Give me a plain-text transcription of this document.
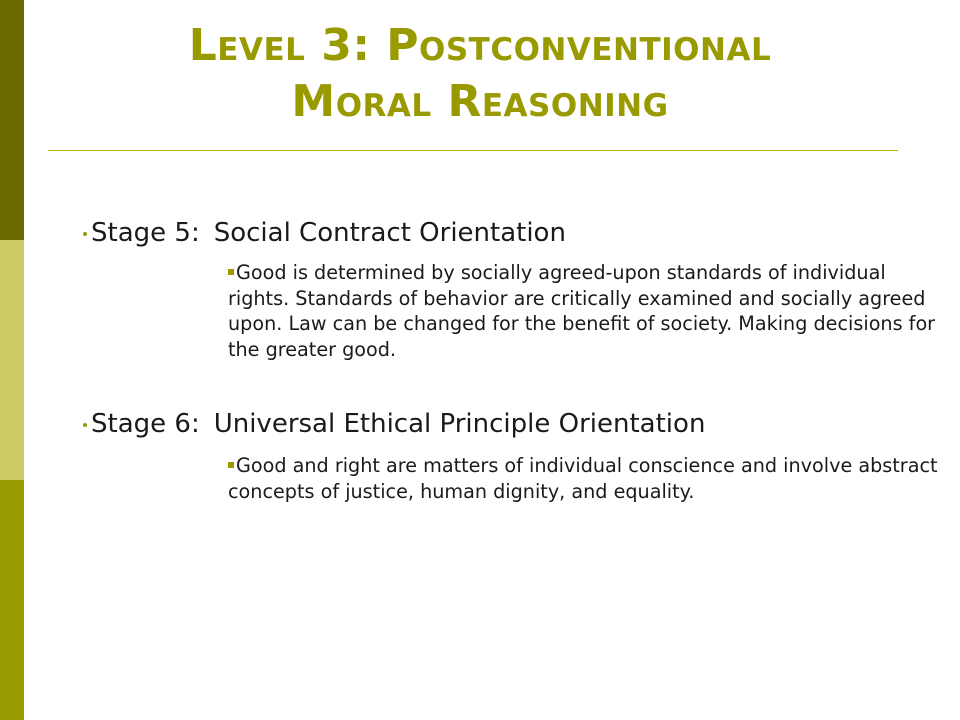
Level 3: Postconventional
Moral Reasoning
Stage 5: Social Contract Orientation
Good is determined by socially agreed-upon standards of individual rights. Standards of behavior are critically examined and socially agreed upon. Law can be changed for the benefit of society. Making decisions for the greater good.
Stage 6: Universal Ethical Principle Orientation
Good and right are matters of individual conscience and involve abstract concepts of justice, human dignity, and equality.
